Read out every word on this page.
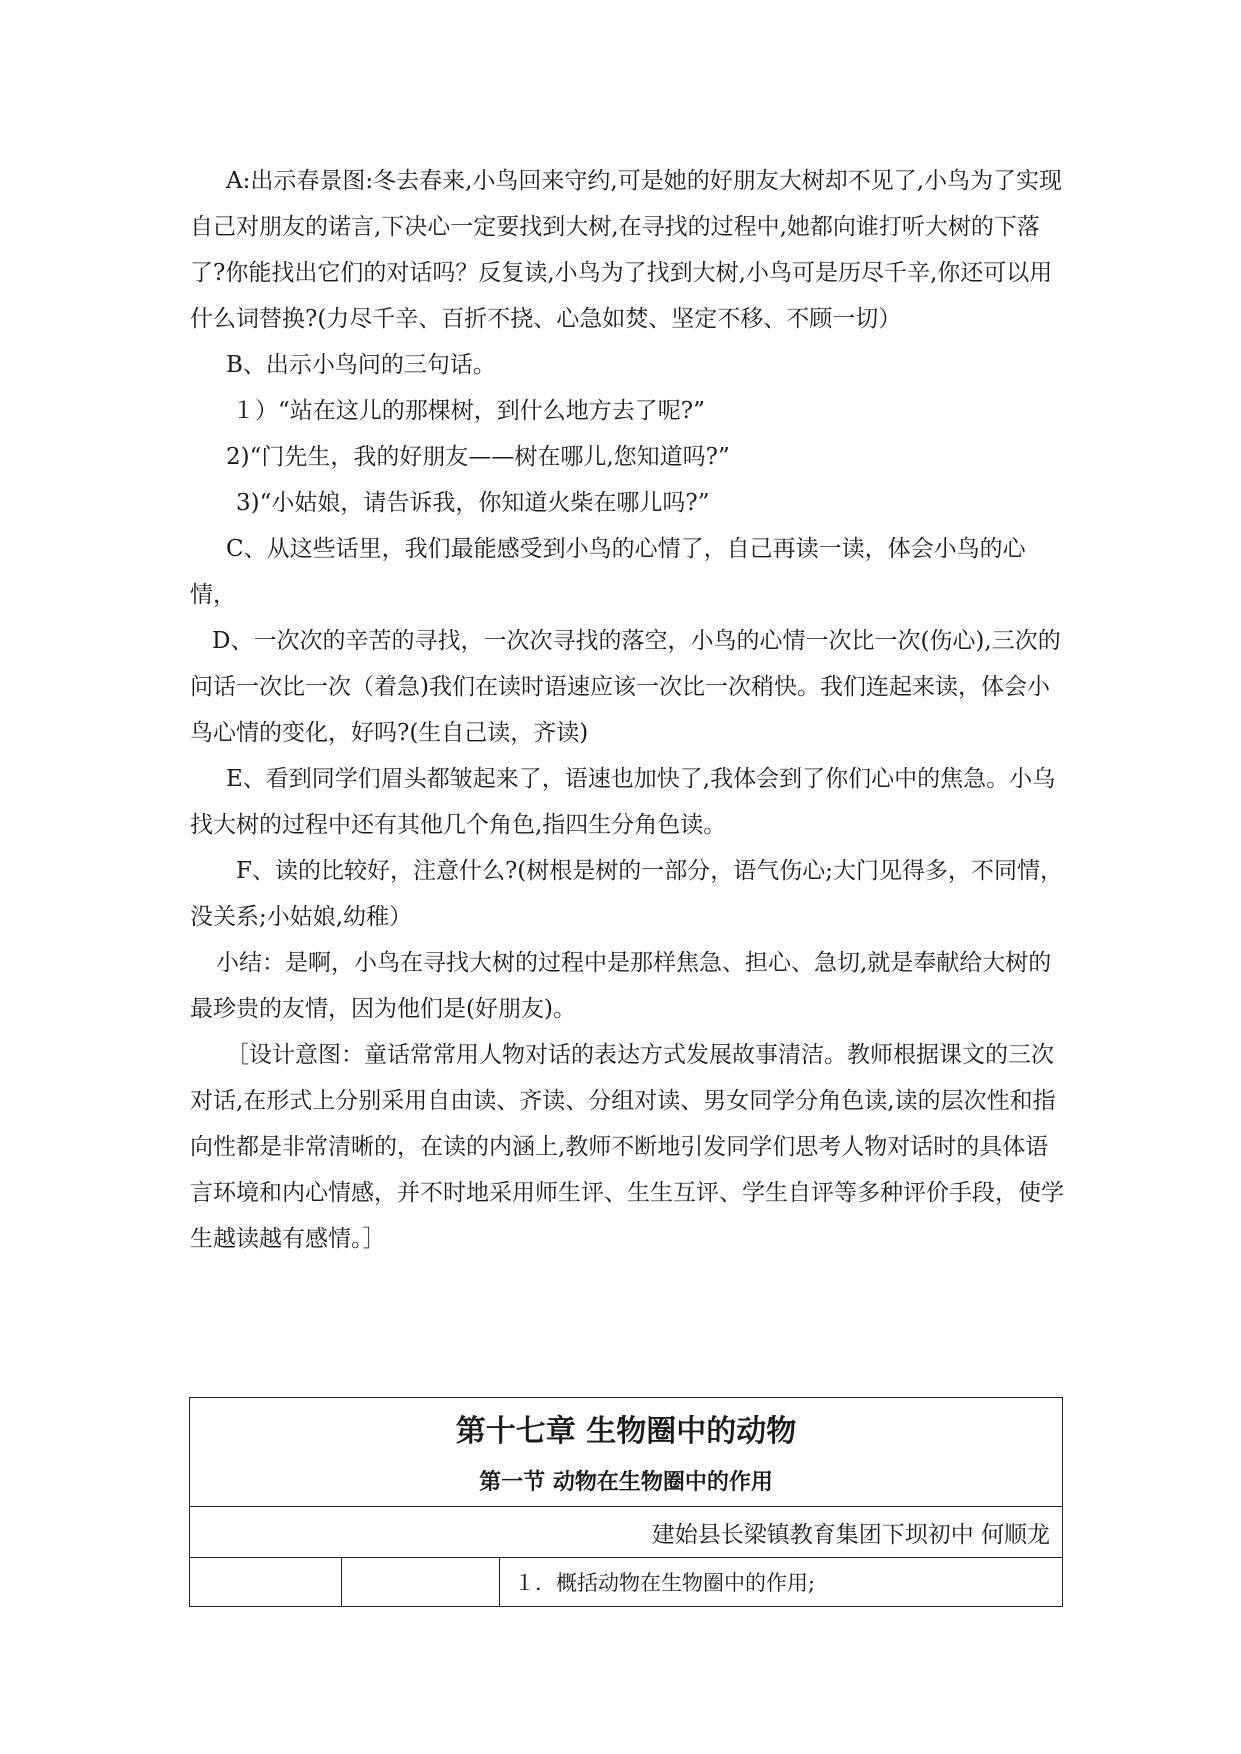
A:出示春景图:冬去春来,小鸟回来守约,可是她的好朋友大树却不见了,小鸟为了实现自己对朋友的诺言,下决心一定要找到大树,在寻找的过程中,她都向谁打听大树的下落了?你能找出它们的对话吗？反复读,小鸟为了找到大树,小鸟可是历尽千辛,你还可以用什么词替换?(力尽千辛、百折不挠、心急如焚、坚定不移、不顾一切）

B、出示小鸟问的三句话。

１）“站在这儿的那棵树，到什么地方去了呢?”

2)“门先生，我的好朋友——树在哪儿,您知道吗?”

3)“小姑娘，请告诉我，你知道火柴在哪儿吗?”

C、从这些话里，我们最能感受到小鸟的心情了，自己再读一读，体会小鸟的心情，

D、一次次的辛苦的寻找，一次次寻找的落空，小鸟的心情一次比一次(伤心),三次的问话一次比一次（着急)我们在读时语速应该一次比一次稍快。我们连起来读，体会小鸟心情的变化，好吗?(生自己读，齐读)

E、看到同学们眉头都皱起来了，语速也加快了,我体会到了你们心中的焦急。小乌找大树的过程中还有其他几个角色,指四生分角色读。

F、读的比较好，注意什么?(树根是树的一部分，语气伤心;大门见得多，不同情，没关系;小姑娘,幼稚）

小结：是啊，小鸟在寻找大树的过程中是那样焦急、担心、急切,就是奉献给大树的最珍贵的友情，因为他们是(好朋友)。

［设计意图：童话常常用人物对话的表达方式发展故事清洁。教师根据课文的三次对话,在形式上分别采用自由读、齐读、分组对读、男女同学分角色读,读的层次性和指向性都是非常清晰的，在读的内涵上,教师不断地引发同学们思考人物对话时的具体语言环境和内心情感，并不时地采用师生评、生生互评、学生自评等多种评价手段，使学生越读越有感情。］

第十七章 生物圈中的动物
第一节 动物在生物圈中的作用

建始县长梁镇教育集团下坝初中 何顺龙
		１．概括动物在生物圈中的作用;
